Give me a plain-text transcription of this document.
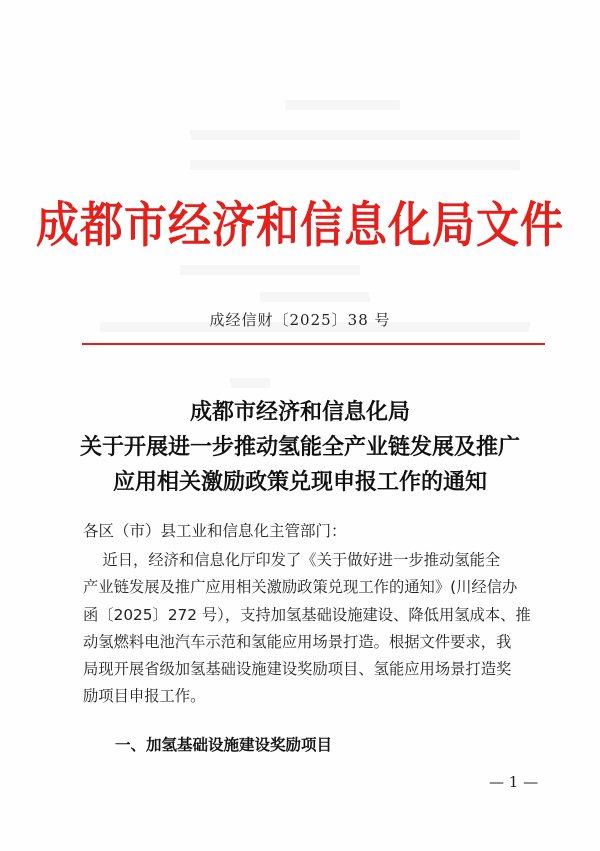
成都市经济和信息化局文件
成经信财〔2025〕38 号
成都市经济和信息化局
关于开展进一步推动氢能全产业链发展及推广
应用相关激励政策兑现申报工作的通知
各区（市）县工业和信息化主管部门：
近日，经济和信息化厅印发了《关于做好进一步推动氢能全
产业链发展及推广应用相关激励政策兑现工作的通知》(川经信办
函〔2025〕272 号），支持加氢基础设施建设、降低用氢成本、推
动氢燃料电池汽车示范和氢能应用场景打造。根据文件要求，我
局现开展省级加氢基础设施建设奖励项目、氢能应用场景打造奖
励项目申报工作。
一、加氢基础设施建设奖励项目
— 1 —
